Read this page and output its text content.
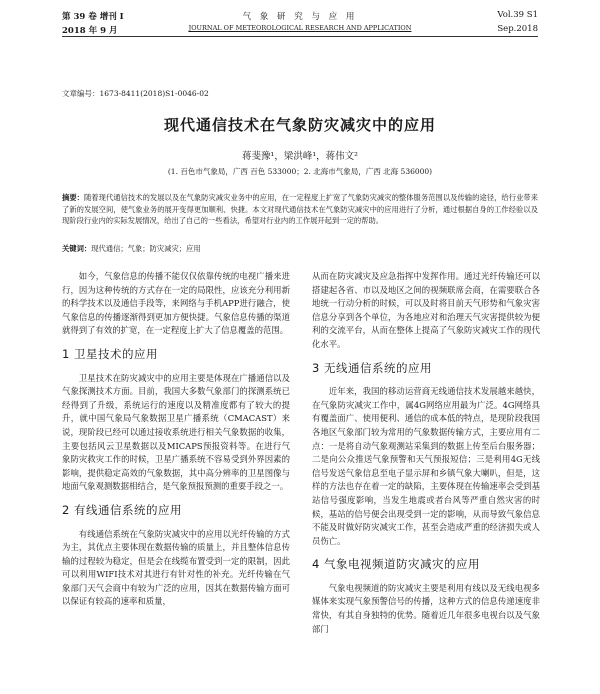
第 39 卷 增刊 I
2018 年 9 月
气 象 研 究 与 应 用
JOURNAL OF METEOROLOGICAL RESEARCH AND APPLICATION
Vol.39 S1
Sep.2018
文章编号：1673-8411(2018)S1-0046-02
现代通信技术在气象防灾减灾中的应用
蒋斐豫¹，梁洪峰¹，蒋伟文²
(1. 百色市气象局，广西 百色 533000；2. 北海市气象局，广西 北海 536000)
摘要：随着现代通信技术的发展以及在气象防灾减灾业务中的应用，在一定程度上扩宽了气象防灾减灾的整体服务范围以及传输的途径，给行业带来了新的发展空间，使气象业务的展开变得更加顺利、快捷。本文对现代通信技术在气象防灾减灾中的应用进行了分析，通过根据自身的工作经验以及现阶段行业内的实际发展情况，给出了自己的一些看法，希望对行业内的工作展开起到一定的帮助。
关键词：现代通信；气象；防灾减灾；应用

如今，气象信息的传播不能仅仅依靠传统的电视广播来进行，因为这种传统的方式存在一定的局限性，应该充分利用新的科学技术以及通信手段等，来网络与手机APP进行融合，使气象信息的传播逐渐得到更加方便快捷。气象信息传播的渠道就得到了有效的扩宽，在一定程度上扩大了信息覆盖的范围。

1 卫星技术的应用

卫星技术在防灾减灾中的应用主要是体现在广播通信以及气象探测技术方面。目前，我国大多数气象部门的探测系统已经得到了升级，系统运行的速度以及精准度都有了较大的提升，就中国气象局气象数据卫星广播系统（CMACAST）来说，现阶段已经可以通过接收系统进行相关气象数据的收集，主要包括风云卫星数据以及MICAPS预报资料等。在进行气象防灾救灾工作的时候，卫星广播系统不容易受到外界因素的影响，提供稳定高效的气象数据，其中高分辨率的卫星图像与地面气象观测数据相结合，是气象预报预测的重要手段之一。

2 有线通信系统的应用

有线通信系统在气象防灾减灾中的应用以光纤传输的方式为主，其优点主要体现在数据传输的质量上，并且整体信息传输的过程较为稳定，但是会在线缆布置受到一定的限制，因此可以利用WIFI技术对其进行有针对性的补充。光纤传输在气象部门天气会商中有较为广泛的应用，因其在数据传输方面可以保证有较高的速率和质量，

从而在防灾减灾及应急指挥中发挥作用。通过光纤传输还可以搭建起各省、市以及地区之间的视频联席会商，在需要联合各地统一行动分析的时候，可以及时将目前天气形势和气象灾害信息分享到各个单位，为各地应对和治理天气灾害提供较为便利的交流平台，从而在整体上提高了气象防灾减灾工作的现代化水平。

3 无线通信系统的应用

近年来，我国的移动运营商无线通信技术发展越来越快，在气象防灾减灾工作中，属4G网络应用最为广泛。4G网络具有覆盖面广、使用便利、通信的成本低的特点，是现阶段我国各地区气象部门较为常用的气象数据传输方式，主要应用有二点：一是将自动气象观测站采集到的数据上传至后台服务器；二是向公众推送气象预警和天气预报短信；三是利用4G无线信号发送气象信息至电子显示屏和乡镇气象大喇叭，但是，这样的方法也存在着一定的缺陷，主要体现在传输速率会受到基站信号强度影响，当发生地震或者台风等严重自然灾害的时候，基站的信号便会出现受到一定的影响，从而导致气象信息不能及时做好防灾减灾工作，甚至会造成严重的经济损失或人员伤亡。

4 气象电视频道防灾减灾的应用

气象电视频道的防灾减灾主要是利用有线以及无线电视多媒体来实现气象预警信号的传播，这种方式的信息传递速度非常快，有其自身独特的优势。随着近几年很多电视台以及气象部门
